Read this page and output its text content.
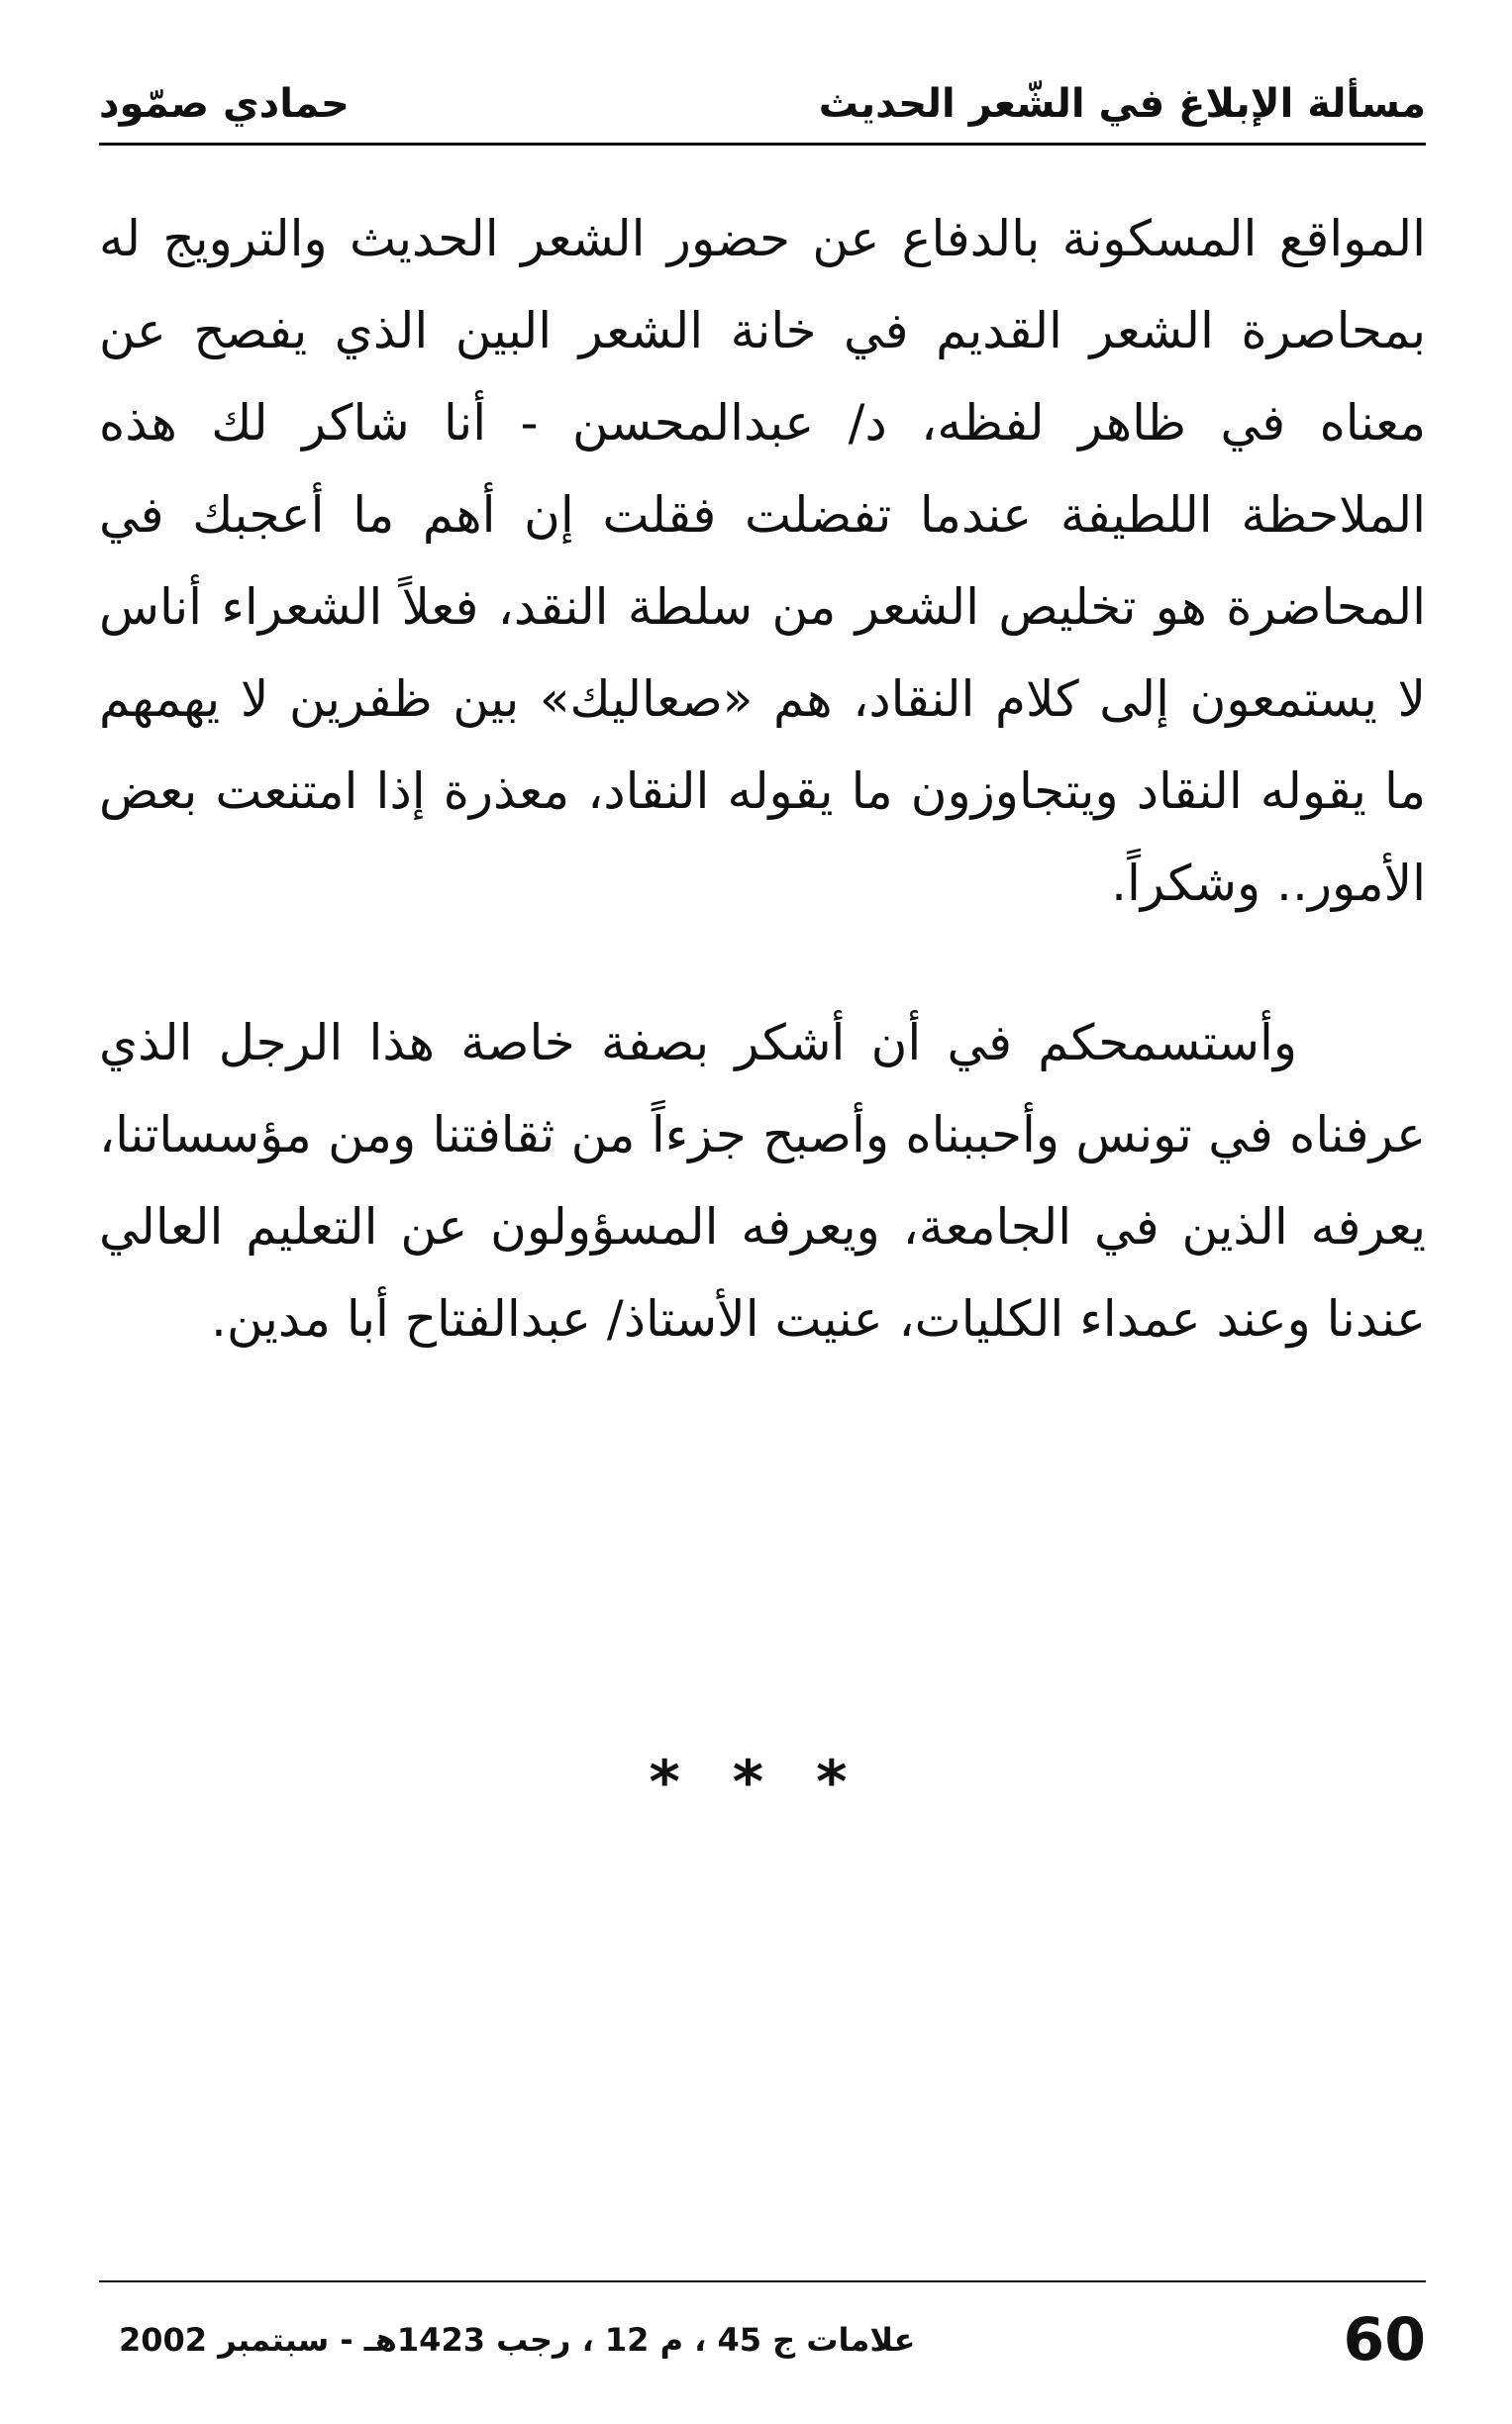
مسألة الإبلاغ في الشّعر الحديث
حمادي صمّود

المواقع المسكونة بالدفاع عن حضور الشعر الحديث والترويج له بمحاصرة الشعر القديم في خانة الشعر البين الذي يفصح عن معناه في ظاهر لفظه، د/ عبدالمحسن - أنا شاكر لك هذه الملاحظة اللطيفة عندما تفضلت فقلت إن أهم ما أعجبك في المحاضرة هو تخليص الشعر من سلطة النقد، فعلاً الشعراء أناس لا يستمعون إلى كلام النقاد، هم «صعاليك» بين ظفرين لا يهمهم ما يقوله النقاد ويتجاوزون ما يقوله النقاد، معذرة إذا امتنعت بعض الأمور.. وشكراً.

وأستسمحكم في أن أشكر بصفة خاصة هذا الرجل الذي عرفناه في تونس وأحببناه وأصبح جزءاً من ثقافتنا ومن مؤسساتنا، يعرفه الذين في الجامعة، ويعرفه المسؤولون عن التعليم العالي عندنا وعند عمداء الكليات، عنيت الأستاذ/ عبدالفتاح أبا مدين.

* * *
60
علامات ج 45 ، م 12 ، رجب 1423هـ - سبتمبر 2002
